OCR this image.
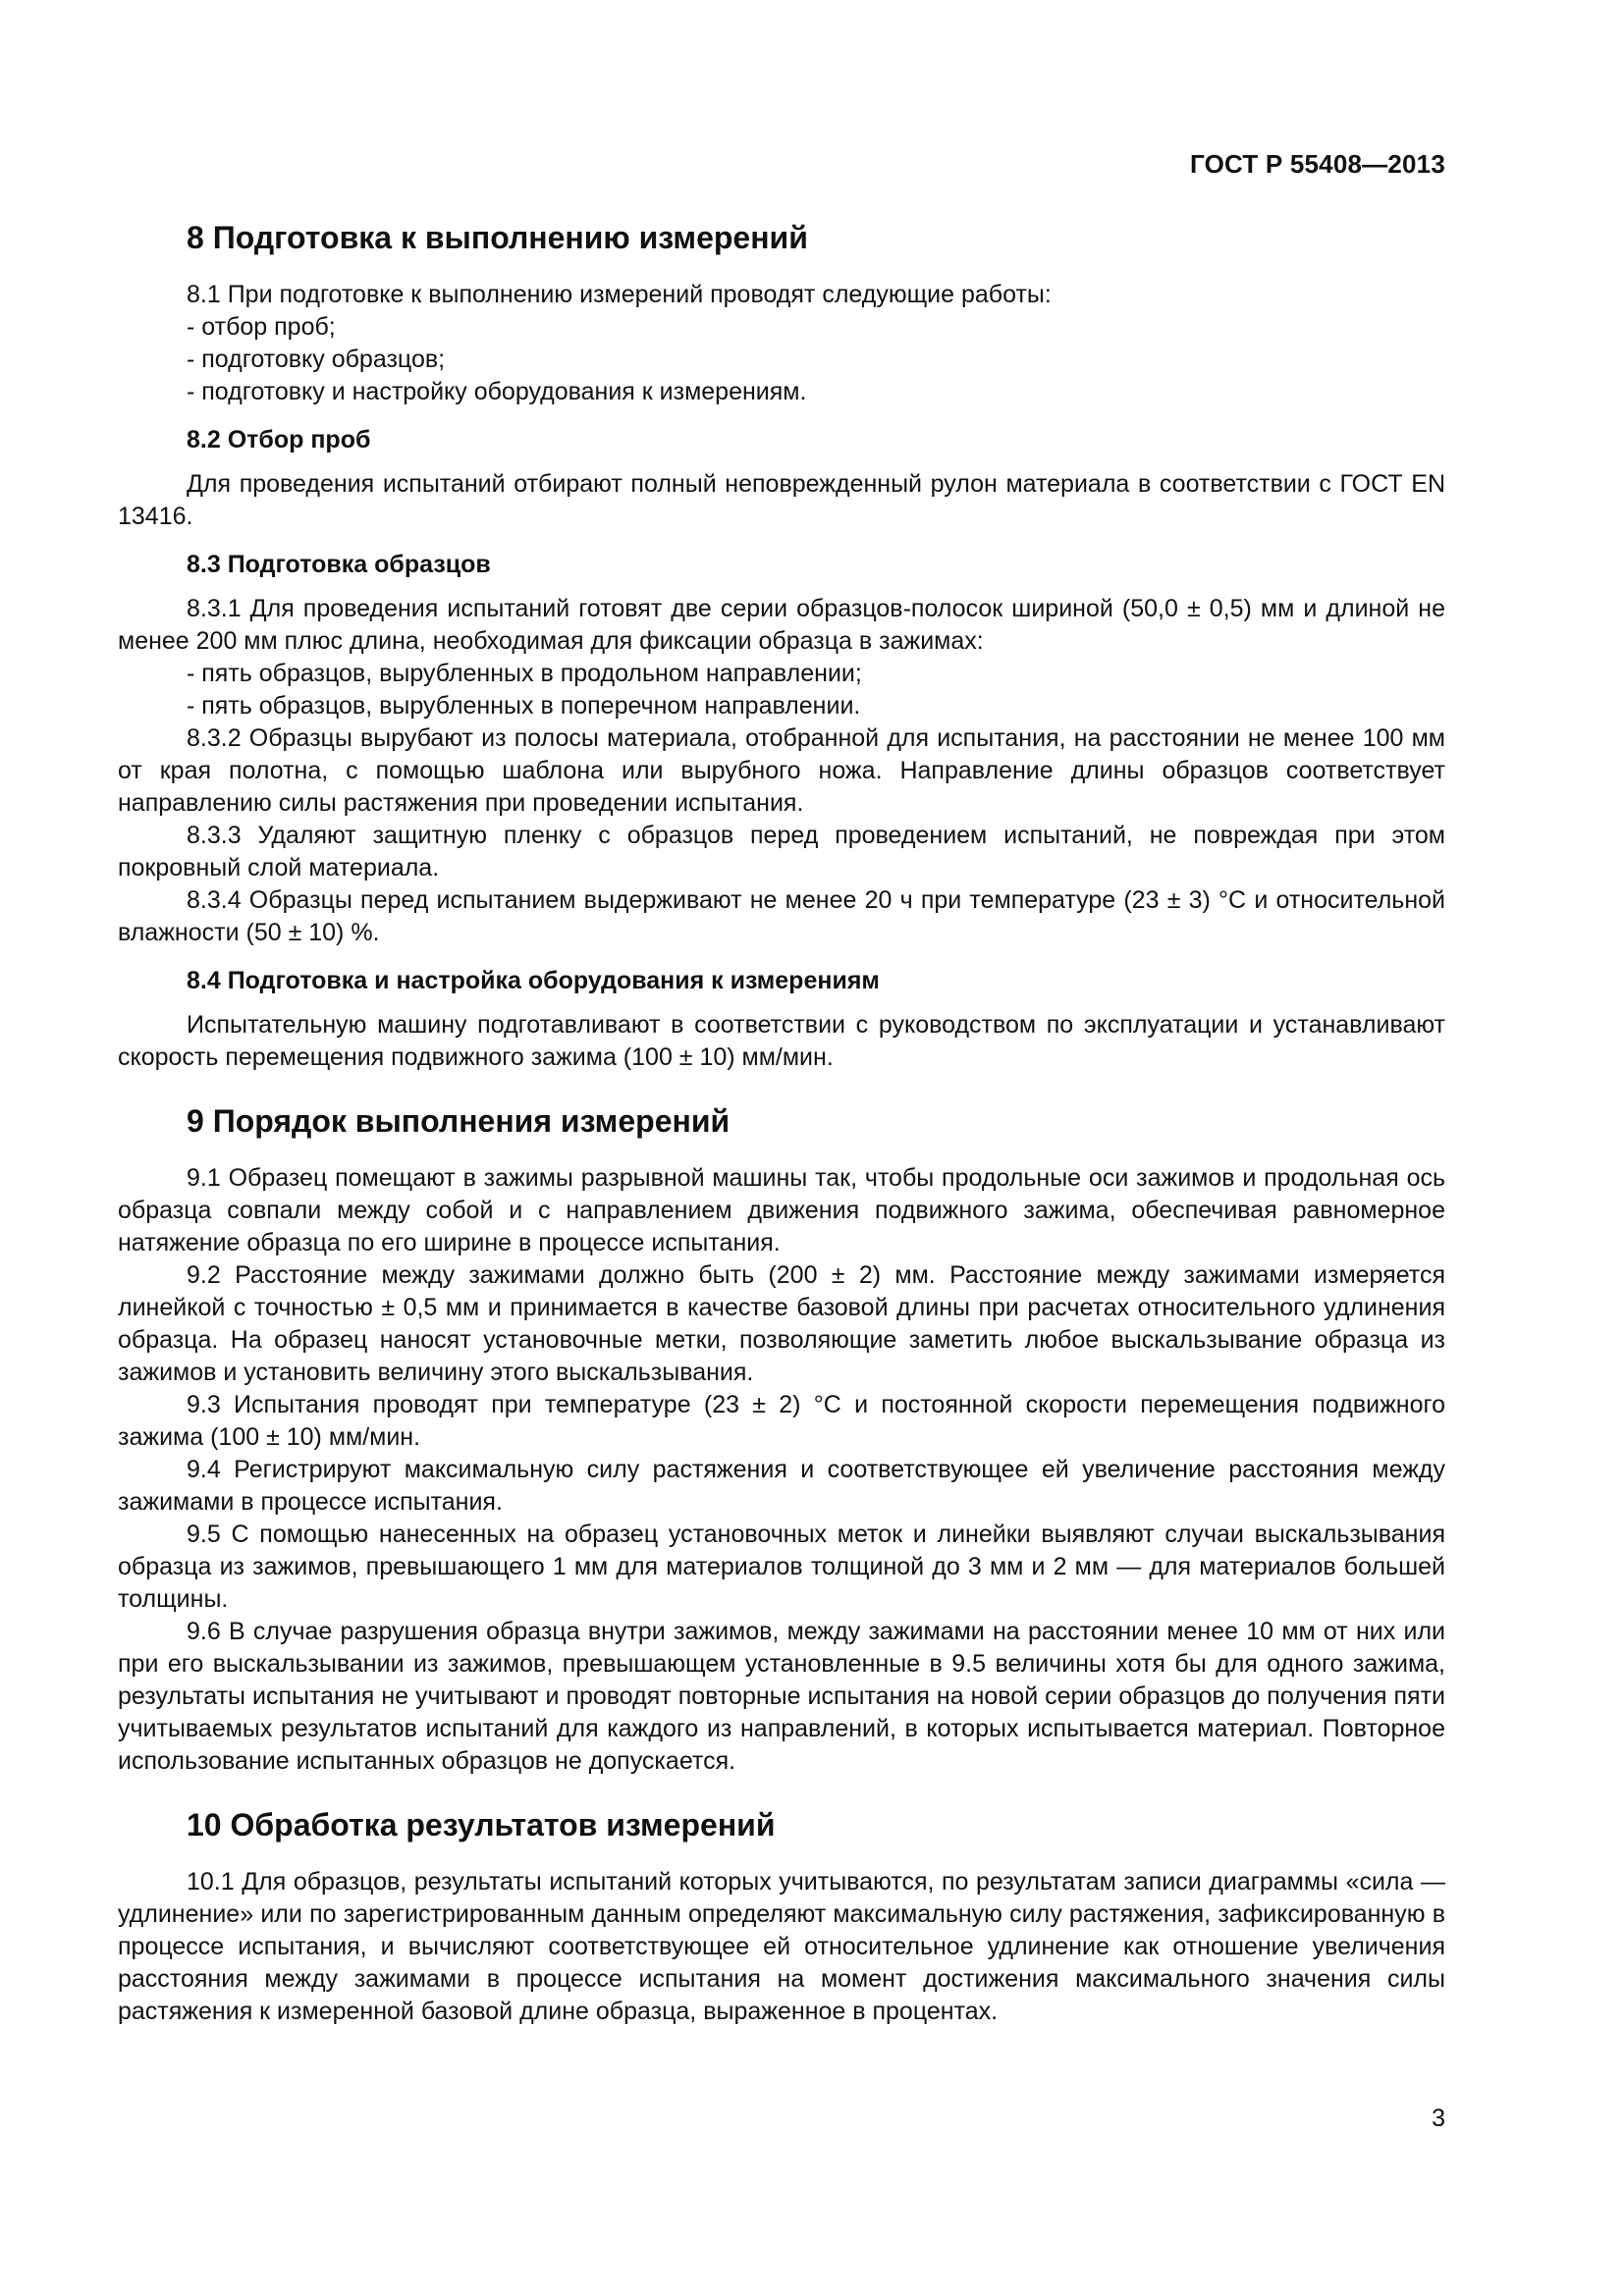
ГОСТ Р 55408—2013
8 Подготовка к выполнению измерений

8.1 При подготовке к выполнению измерений проводят следующие работы:

- отбор проб;

- подготовку образцов;

- подготовку и настройку оборудования к измерениям.

8.2 Отбор проб

Для проведения испытаний отбирают полный неповрежденный рулон материала в соответствии с ГОСТ EN 13416.

8.3 Подготовка образцов

8.3.1 Для проведения испытаний готовят две серии образцов-полосок шириной (50,0 ± 0,5) мм и длиной не менее 200 мм плюс длина, необходимая для фиксации образца в зажимах:

- пять образцов, вырубленных в продольном направлении;

- пять образцов, вырубленных в поперечном направлении.

8.3.2 Образцы вырубают из полосы материала, отобранной для испытания, на расстоянии не менее 100 мм от края полотна, с помощью шаблона или вырубного ножа. Направление длины образцов соответствует направлению силы растяжения при проведении испытания.

8.3.3 Удаляют защитную пленку с образцов перед проведением испытаний, не повреждая при этом покровный слой материала.

8.3.4 Образцы перед испытанием выдерживают не менее 20 ч при температуре (23 ± 3) °С и относительной влажности (50 ± 10) %.

8.4 Подготовка и настройка оборудования к измерениям

Испытательную машину подготавливают в соответствии с руководством по эксплуатации и устанавливают скорость перемещения подвижного зажима (100 ± 10) мм/мин.

9 Порядок выполнения измерений

9.1 Образец помещают в зажимы разрывной машины так, чтобы продольные оси зажимов и продольная ось образца совпали между собой и с направлением движения подвижного зажима, обеспечивая равномерное натяжение образца по его ширине в процессе испытания.

9.2 Расстояние между зажимами должно быть (200 ± 2) мм. Расстояние между зажимами измеряется линейкой с точностью ± 0,5 мм и принимается в качестве базовой длины при расчетах относительного удлинения образца. На образец наносят установочные метки, позволяющие заметить любое выскальзывание образца из зажимов и установить величину этого выскальзывания.

9.3 Испытания проводят при температуре (23 ± 2) °С и постоянной скорости перемещения подвижного зажима (100 ± 10) мм/мин.

9.4 Регистрируют максимальную силу растяжения и соответствующее ей увеличение расстояния между зажимами в процессе испытания.

9.5 С помощью нанесенных на образец установочных меток и линейки выявляют случаи выскальзывания образца из зажимов, превышающего 1 мм для материалов толщиной до 3 мм и 2 мм — для материалов большей толщины.

9.6 В случае разрушения образца внутри зажимов, между зажимами на расстоянии менее 10 мм от них или при его выскальзывании из зажимов, превышающем установленные в 9.5 величины хотя бы для одного зажима, результаты испытания не учитывают и проводят повторные испытания на новой серии образцов до получения пяти учитываемых результатов испытаний для каждого из направлений, в которых испытывается материал. Повторное использование испытанных образцов не допускается.

10 Обработка результатов измерений

10.1 Для образцов, результаты испытаний которых учитываются, по результатам записи диаграммы «сила — удлинение» или по зарегистрированным данным определяют максимальную силу растяжения, зафиксированную в процессе испытания, и вычисляют соответствующее ей относительное удлинение как отношение увеличения расстояния между зажимами в процессе испытания на момент достижения максимального значения силы растяжения к измеренной базовой длине образца, выраженное в процентах.

3
